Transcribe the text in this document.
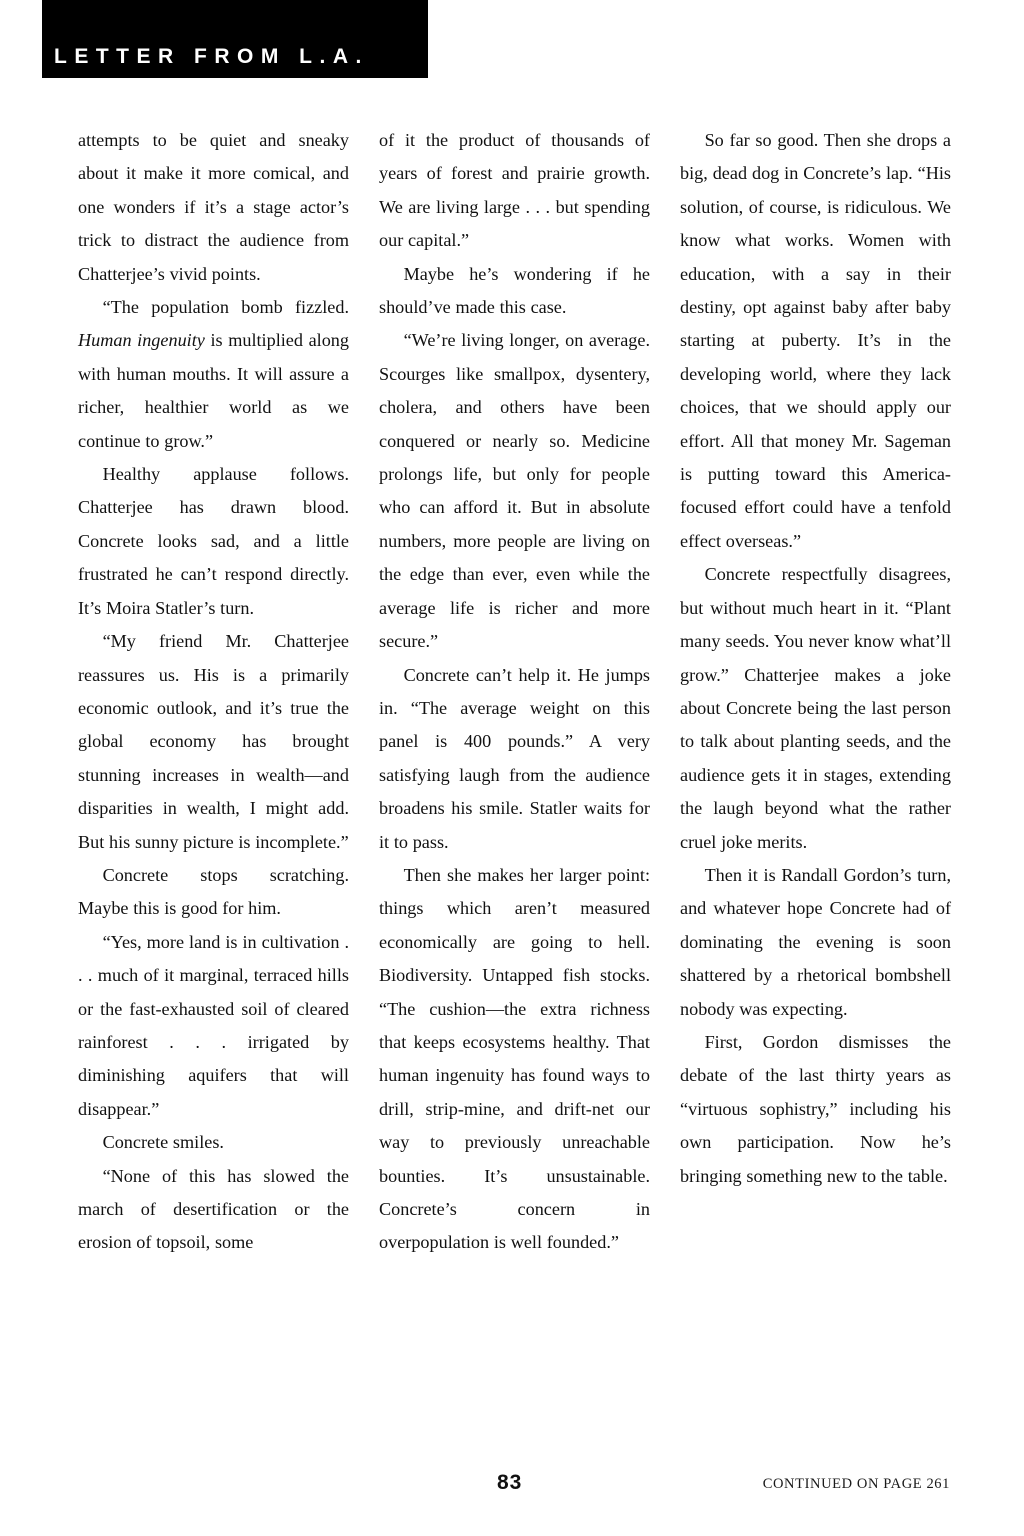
LETTER FROM L.A.

attempts to be quiet and sneaky about it make it more comical, and one wonders if it’s a stage actor’s trick to distract the audience from Chatterjee’s vivid points.

“The population bomb fizzled. Human ingenuity is multiplied along with human mouths. It will assure a richer, healthier world as we continue to grow.”

Healthy applause follows. Chatterjee has drawn blood. Concrete looks sad, and a little frustrated he can’t respond directly. It’s Moira Statler’s turn.

“My friend Mr. Chatterjee reassures us. His is a primarily economic outlook, and it’s true the global economy has brought stunning increases in wealth—and disparities in wealth, I might add. But his sunny picture is incomplete.”

Concrete stops scratching. Maybe this is good for him.

“Yes, more land is in cultivation . . . much of it marginal, terraced hills or the fast-exhausted soil of cleared rainforest . . . irrigated by diminishing aquifers that will disappear.”

Concrete smiles.

“None of this has slowed the march of desertification or the erosion of topsoil, some

of it the product of thousands of years of forest and prairie growth. We are living large . . . but spending our capital.”

Maybe he’s wondering if he should’ve made this case.

“We’re living longer, on average. Scourges like smallpox, dysentery, cholera, and others have been conquered or nearly so. Medicine prolongs life, but only for people who can afford it. But in absolute numbers, more people are living on the edge than ever, even while the average life is richer and more secure.”

Concrete can’t help it. He jumps in. “The average weight on this panel is 400 pounds.” A very satisfying laugh from the audience broadens his smile. Statler waits for it to pass.

Then she makes her larger point: things which aren’t measured economically are going to hell. Biodiversity. Untapped fish stocks. “The cushion—the extra richness that keeps ecosystems healthy. That human ingenuity has found ways to drill, strip-mine, and drift-net our way to previously unreachable bounties. It’s unsustainable. Concrete’s concern in overpopulation is well founded.”

So far so good. Then she drops a big, dead dog in Concrete’s lap. “His solution, of course, is ridiculous. We know what works. Women with education, with a say in their destiny, opt against baby after baby starting at puberty. It’s in the developing world, where they lack choices, that we should apply our effort. All that money Mr. Sageman is putting toward this America-focused effort could have a tenfold effect overseas.”

Concrete respectfully disagrees, but without much heart in it. “Plant many seeds. You never know what’ll grow.” Chatterjee makes a joke about Concrete being the last person to talk about planting seeds, and the audience gets it in stages, extending the laugh beyond what the rather cruel joke merits.

Then it is Randall Gordon’s turn, and whatever hope Concrete had of dominating the evening is soon shattered by a rhetorical bombshell nobody was expecting.

First, Gordon dismisses the debate of the last thirty years as “virtuous sophistry,” including his own participation. Now he’s bringing something new to the table.

83	CONTINUED ON PAGE 261
